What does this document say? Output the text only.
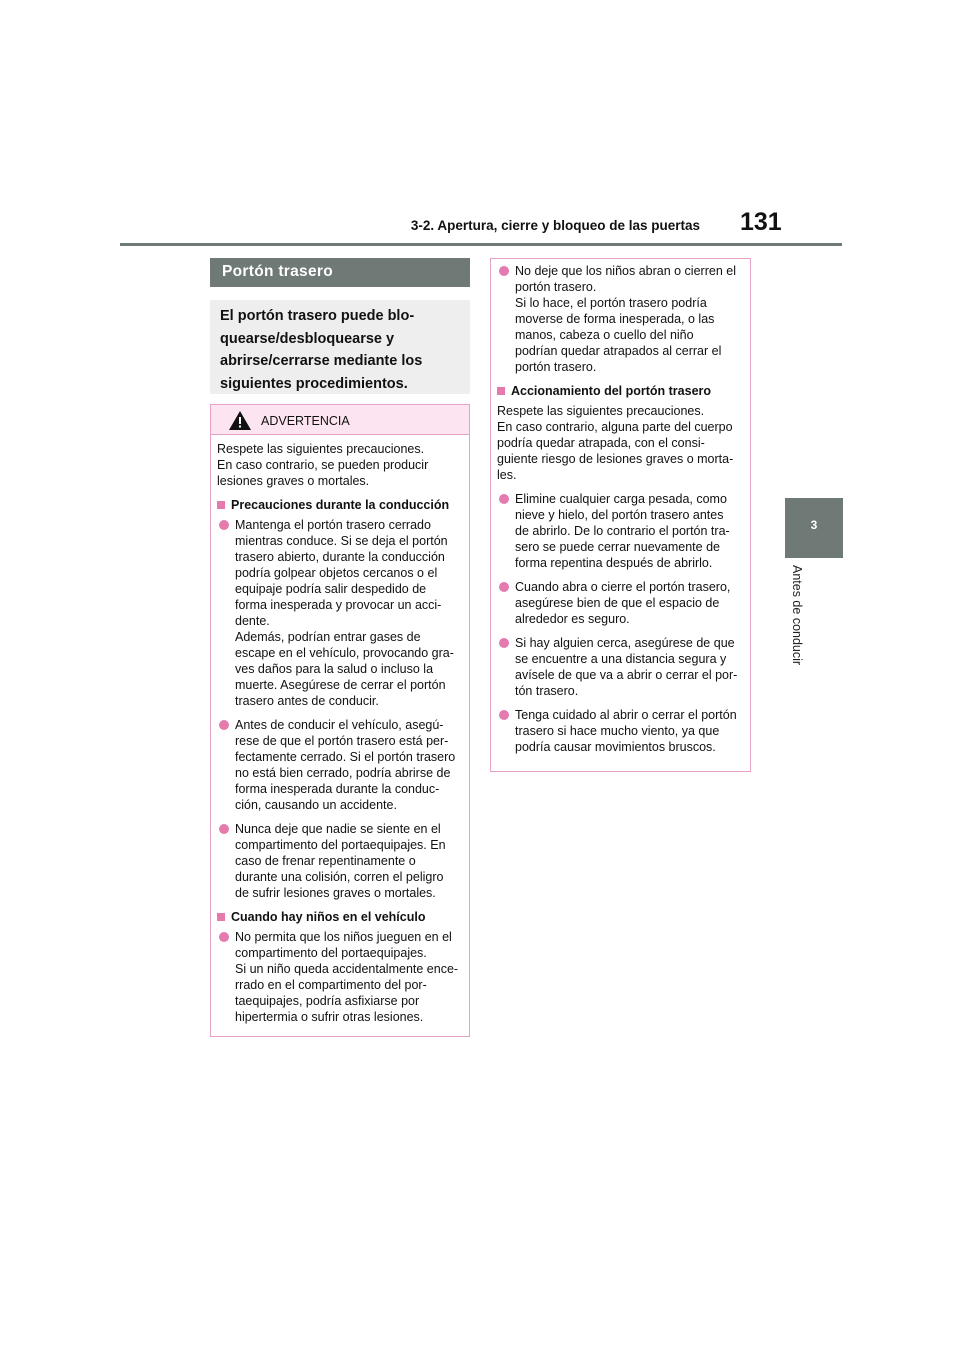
3-2. Apertura, cierre y bloqueo de las puertas 131
3
Antes de conducir
Portón trasero
El portón trasero puede blo-
quearse/desbloquearse y
abrirse/cerrarse mediante los
siguientes procedimientos.
ADVERTENCIA
Respete las siguientes precauciones.
En caso contrario, se pueden producir
lesiones graves o mortales.
Precauciones durante la conducción
Mantenga el portón trasero cerrado
mientras conduce. Si se deja el portón
trasero abierto, durante la conducción
podría golpear objetos cercanos o el
equipaje podría salir despedido de
forma inesperada y provocar un acci-
dente.
Además, podrían entrar gases de
escape en el vehículo, provocando gra-
ves daños para la salud o incluso la
muerte. Asegúrese de cerrar el portón
trasero antes de conducir.
Antes de conducir el vehículo, asegú-
rese de que el portón trasero está per-
fectamente cerrado. Si el portón trasero
no está bien cerrado, podría abrirse de
forma inesperada durante la conduc-
ción, causando un accidente.
Nunca deje que nadie se siente en el
compartimento del portaequipajes. En
caso de frenar repentinamente o
durante una colisión, corren el peligro
de sufrir lesiones graves o mortales.
Cuando hay niños en el vehículo
No permita que los niños jueguen en el
compartimento del portaequipajes.
Si un niño queda accidentalmente ence-
rrado en el compartimento del por-
taequipajes, podría asfixiarse por
hipertermia o sufrir otras lesiones.
No deje que los niños abran o cierren el
portón trasero.
Si lo hace, el portón trasero podría
moverse de forma inesperada, o las
manos, cabeza o cuello del niño
podrían quedar atrapados al cerrar el
portón trasero.
Accionamiento del portón trasero
Respete las siguientes precauciones.
En caso contrario, alguna parte del cuerpo
podría quedar atrapada, con el consi-
guiente riesgo de lesiones graves o morta-
les.
Elimine cualquier carga pesada, como
nieve y hielo, del portón trasero antes
de abrirlo. De lo contrario el portón tra-
sero se puede cerrar nuevamente de
forma repentina después de abrirlo.
Cuando abra o cierre el portón trasero,
asegúrese bien de que el espacio de
alrededor es seguro.
Si hay alguien cerca, asegúrese de que
se encuentre a una distancia segura y
avísele de que va a abrir o cerrar el por-
tón trasero.
Tenga cuidado al abrir o cerrar el portón
trasero si hace mucho viento, ya que
podría causar movimientos bruscos.
